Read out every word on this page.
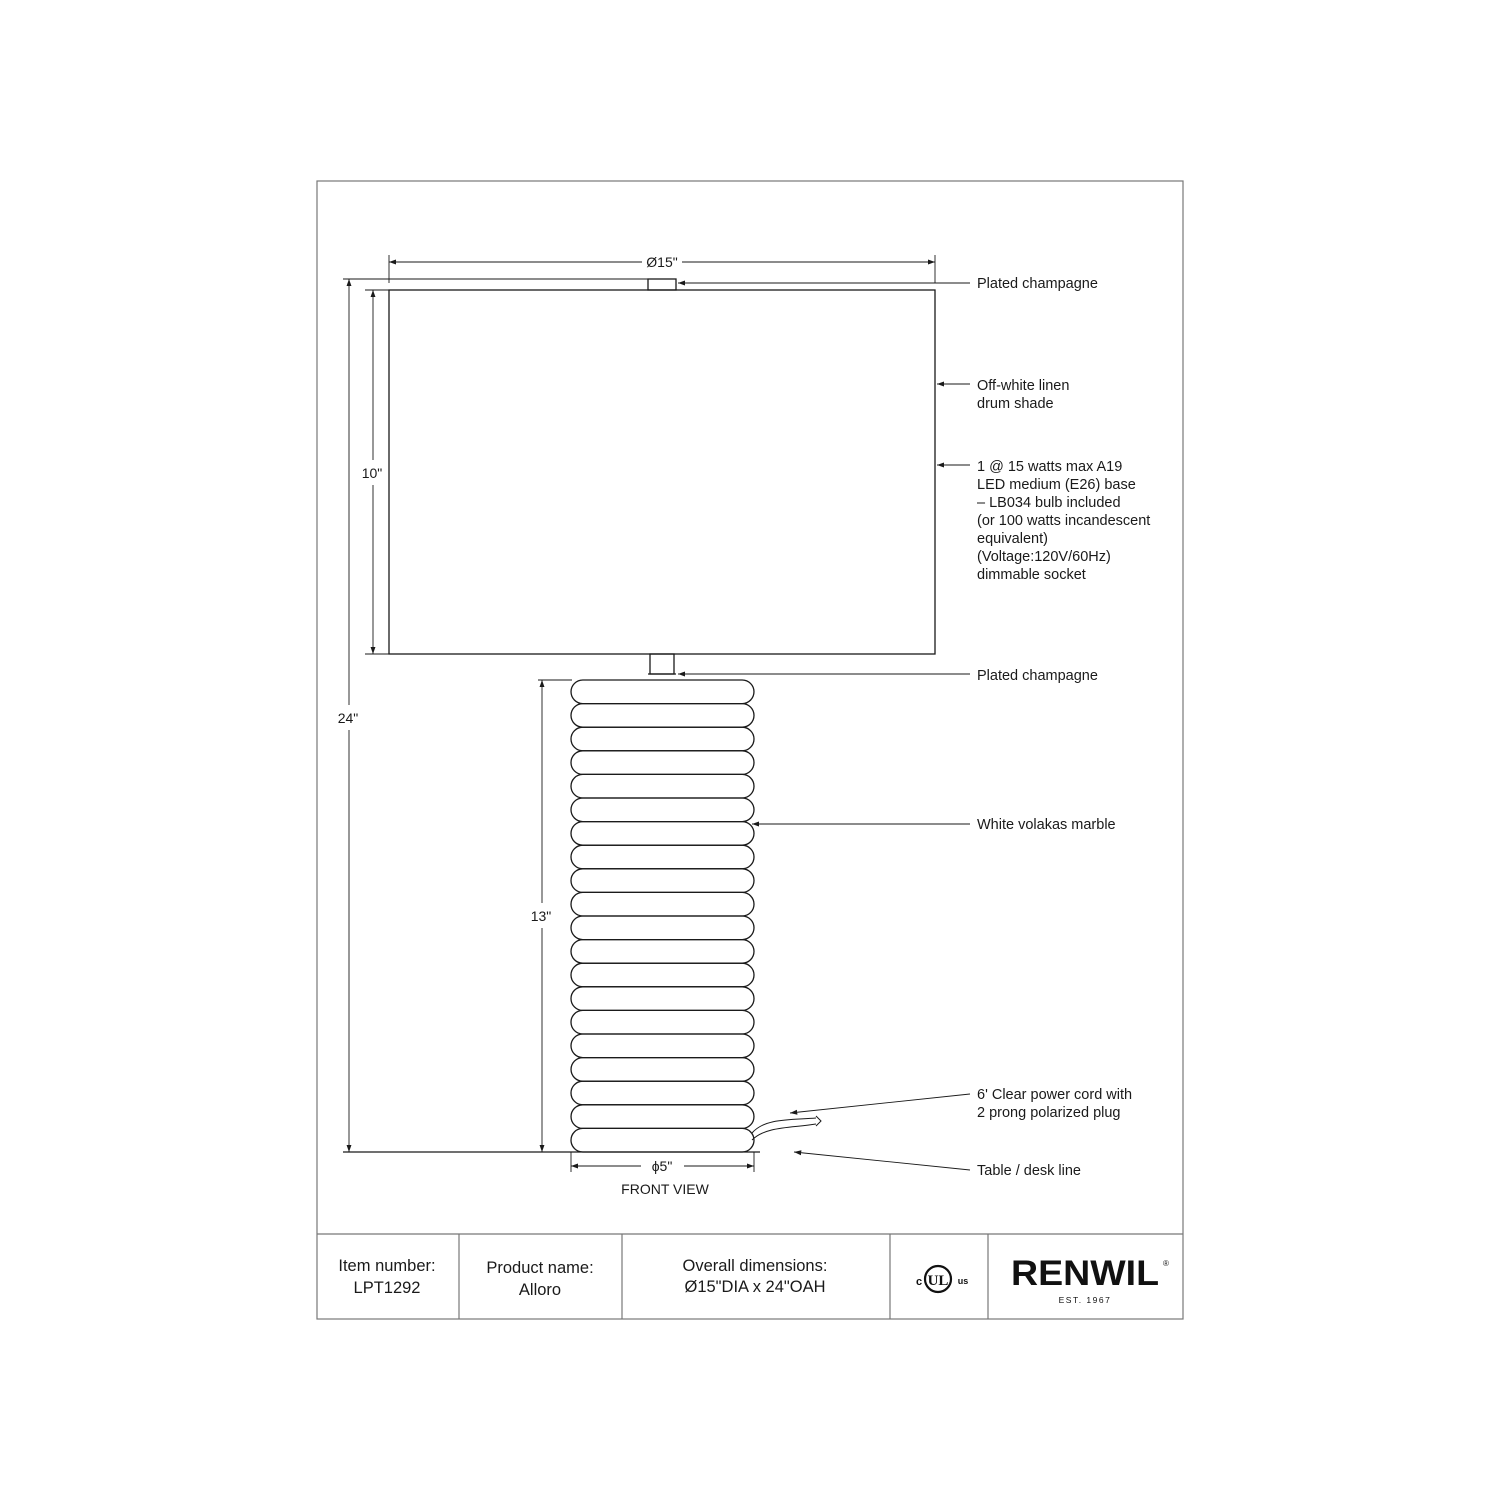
Ø15"
24"
10"
13"
ϕ5"
FRONT VIEW
Plated champagne
Off-white linen
drum shade
1 @ 15 watts max A19
LED medium (E26) base
– LB034 bulb included
(or 100 watts incandescent
equivalent)
(Voltage:120V/60Hz)
dimmable socket
Plated champagne
White volakas marble
6' Clear power cord with
2 prong polarized plug
Table / desk line
Item number:
LPT1292
Product name:
Alloro
Overall dimensions:
Ø15"DIA x 24"OAH	UL
c	us RENWIL ®
EST. 1967
